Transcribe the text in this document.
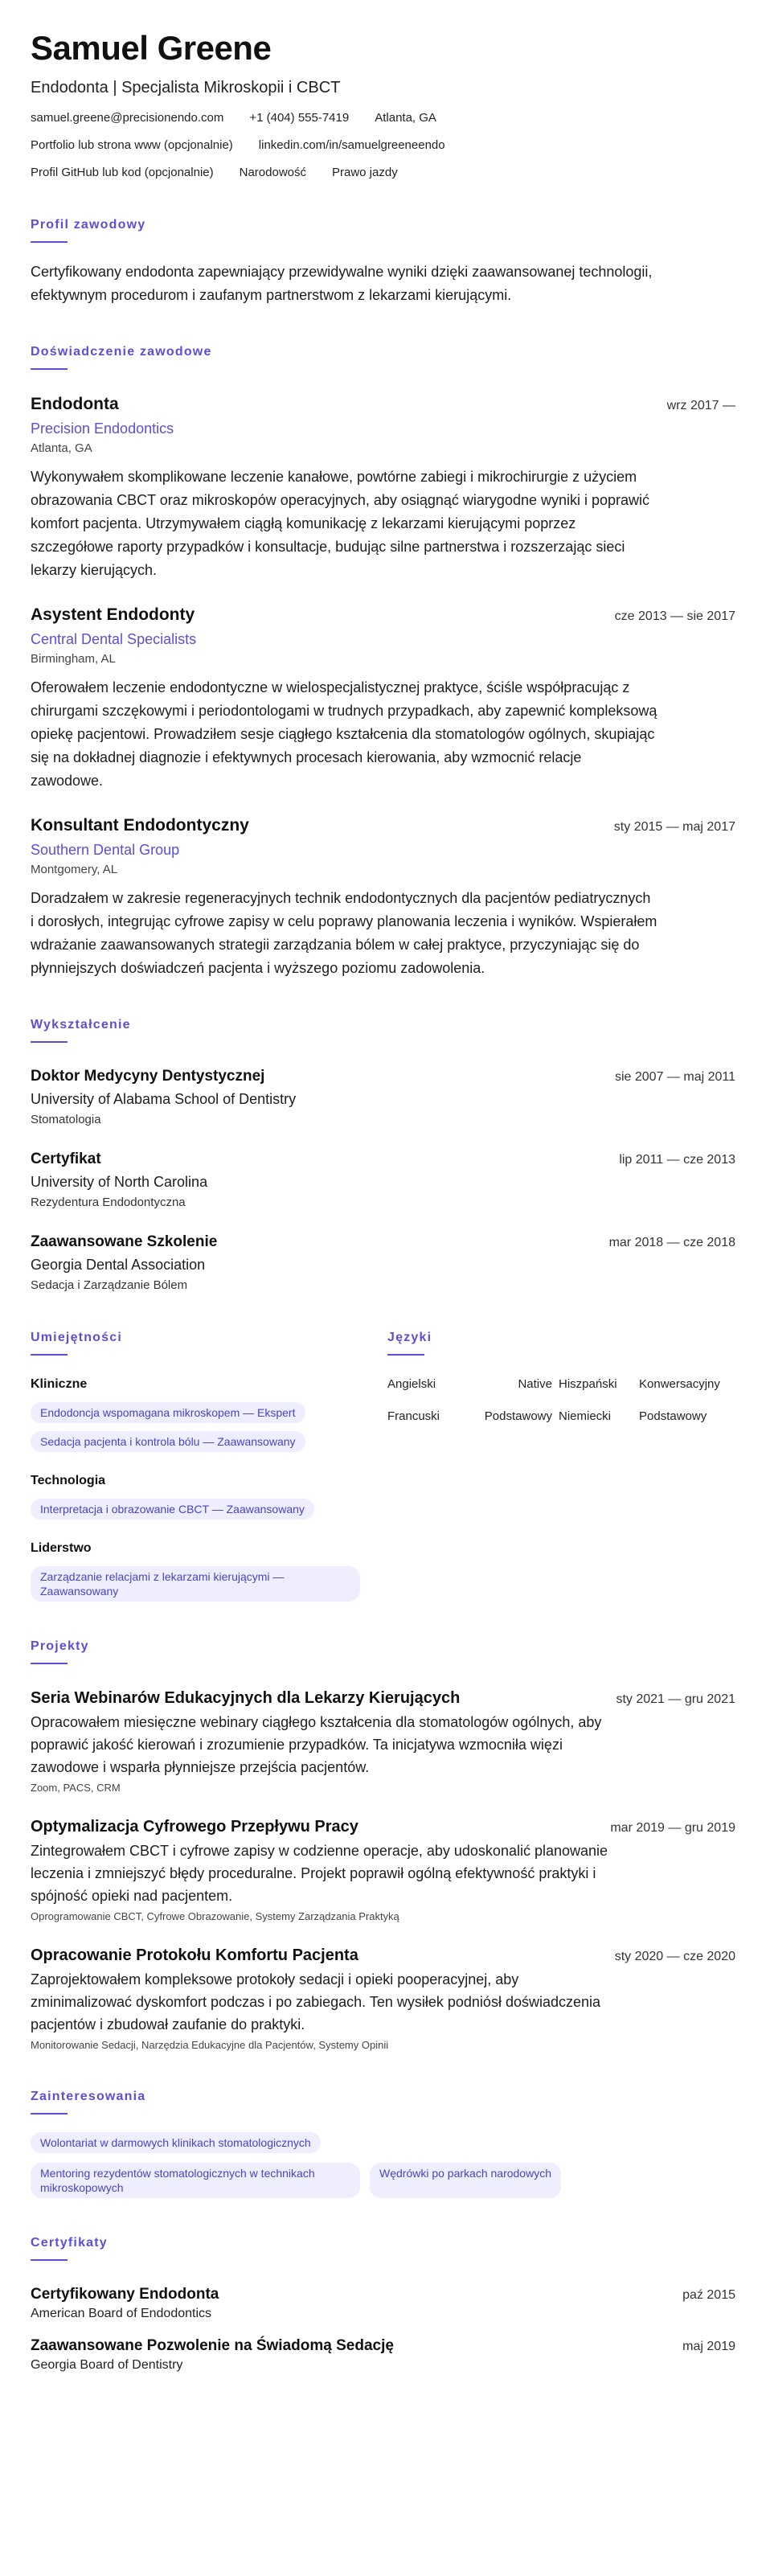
Samuel Greene
Endodonta | Specjalista Mikroskopii i CBCT
samuel.greene@precisionendo.com +1 (404) 555-7419 Atlanta, GA
Portfolio lub strona www (opcjonalnie) linkedin.com/in/samuelgreeneendo
Profil GitHub lub kod (opcjonalnie) Narodowość Prawo jazdy
Profil zawodowy
Certyfikowany endodonta zapewniający przewidywalne wyniki dzięki zaawansowanej technologii, efektywnym procedurom i zaufanym partnerstwom z lekarzami kierującymi.
Doświadczenie zawodowe
Endodonta	wrz 2017 —
Precision Endodontics
Atlanta, GA
Wykonywałem skomplikowane leczenie kanałowe, powtórne zabiegi i mikrochirurgie z użyciem obrazowania CBCT oraz mikroskopów operacyjnych, aby osiągnąć wiarygodne wyniki i poprawić komfort pacjenta. Utrzymywałem ciągłą komunikację z lekarzami kierującymi poprzez szczegółowe raporty przypadków i konsultacje, budując silne partnerstwa i rozszerzając sieci lekarzy kierujących.
Asystent Endodonty	cze 2013 — sie 2017
Central Dental Specialists
Birmingham, AL
Oferowałem leczenie endodontyczne w wielospecjalistycznej praktyce, ściśle współpracując z chirurgami szczękowymi i periodontologami w trudnych przypadkach, aby zapewnić kompleksową opiekę pacjentowi. Prowadziłem sesje ciągłego kształcenia dla stomatologów ogólnych, skupiając się na dokładnej diagnozie i efektywnych procesach kierowania, aby wzmocnić relacje zawodowe.
Konsultant Endodontyczny	sty 2015 — maj 2017
Southern Dental Group
Montgomery, AL
Doradzałem w zakresie regeneracyjnych technik endodontycznych dla pacjentów pediatrycznych i dorosłych, integrując cyfrowe zapisy w celu poprawy planowania leczenia i wyników. Wspierałem wdrażanie zaawansowanych strategii zarządzania bólem w całej praktyce, przyczyniając się do płynniejszych doświadczeń pacjenta i wyższego poziomu zadowolenia.
Wykształcenie
Doktor Medycyny Dentystycznej	sie 2007 — maj 2011
University of Alabama School of Dentistry
Stomatologia
Certyfikat	lip 2011 — cze 2013
University of North Carolina
Rezydentura Endodontyczna
Zaawansowane Szkolenie	mar 2018 — cze 2018
Georgia Dental Association
Sedacja i Zarządzanie Bólem
Umiejętności
Kliniczne
Endodoncja wspomagana mikroskopem — Ekspert
Sedacja pacjenta i kontrola bólu — Zaawansowany
Technologia
Interpretacja i obrazowanie CBCT — Zaawansowany
Liderstwo
Zarządzanie relacjami z lekarzami kierującymi — Zaawansowany
Języki
Angielski	Native Hiszpański	Konwersacyjny
Francuski	Podstawowy Niemiecki	Podstawowy
Projekty
Seria Webinarów Edukacyjnych dla Lekarzy Kierujących	sty 2021 — gru 2021
Opracowałem miesięczne webinary ciągłego kształcenia dla stomatologów ogólnych, aby poprawić jakość kierowań i zrozumienie przypadków. Ta inicjatywa wzmocniła więzi zawodowe i wsparła płynniejsze przejścia pacjentów.
Zoom, PACS, CRM
Optymalizacja Cyfrowego Przepływu Pracy	mar 2019 — gru 2019
Zintegrowałem CBCT i cyfrowe zapisy w codzienne operacje, aby udoskonalić planowanie leczenia i zmniejszyć błędy proceduralne. Projekt poprawił ogólną efektywność praktyki i spójność opieki nad pacjentem.
Oprogramowanie CBCT, Cyfrowe Obrazowanie, Systemy Zarządzania Praktyką
Opracowanie Protokołu Komfortu Pacjenta	sty 2020 — cze 2020
Zaprojektowałem kompleksowe protokoły sedacji i opieki pooperacyjnej, aby zminimalizować dyskomfort podczas i po zabiegach. Ten wysiłek podniósł doświadczenia pacjentów i zbudował zaufanie do praktyki.
Monitorowanie Sedacji, Narzędzia Edukacyjne dla Pacjentów, Systemy Opinii
Zainteresowania
Wolontariat w darmowych klinikach stomatologicznych
Mentoring rezydentów stomatologicznych w technikach mikroskopowych
Wędrówki po parkach narodowych
Certyfikaty
Certyfikowany Endodonta	paź 2015
American Board of Endodontics
Zaawansowane Pozwolenie na Świadomą Sedację	maj 2019
Georgia Board of Dentistry
